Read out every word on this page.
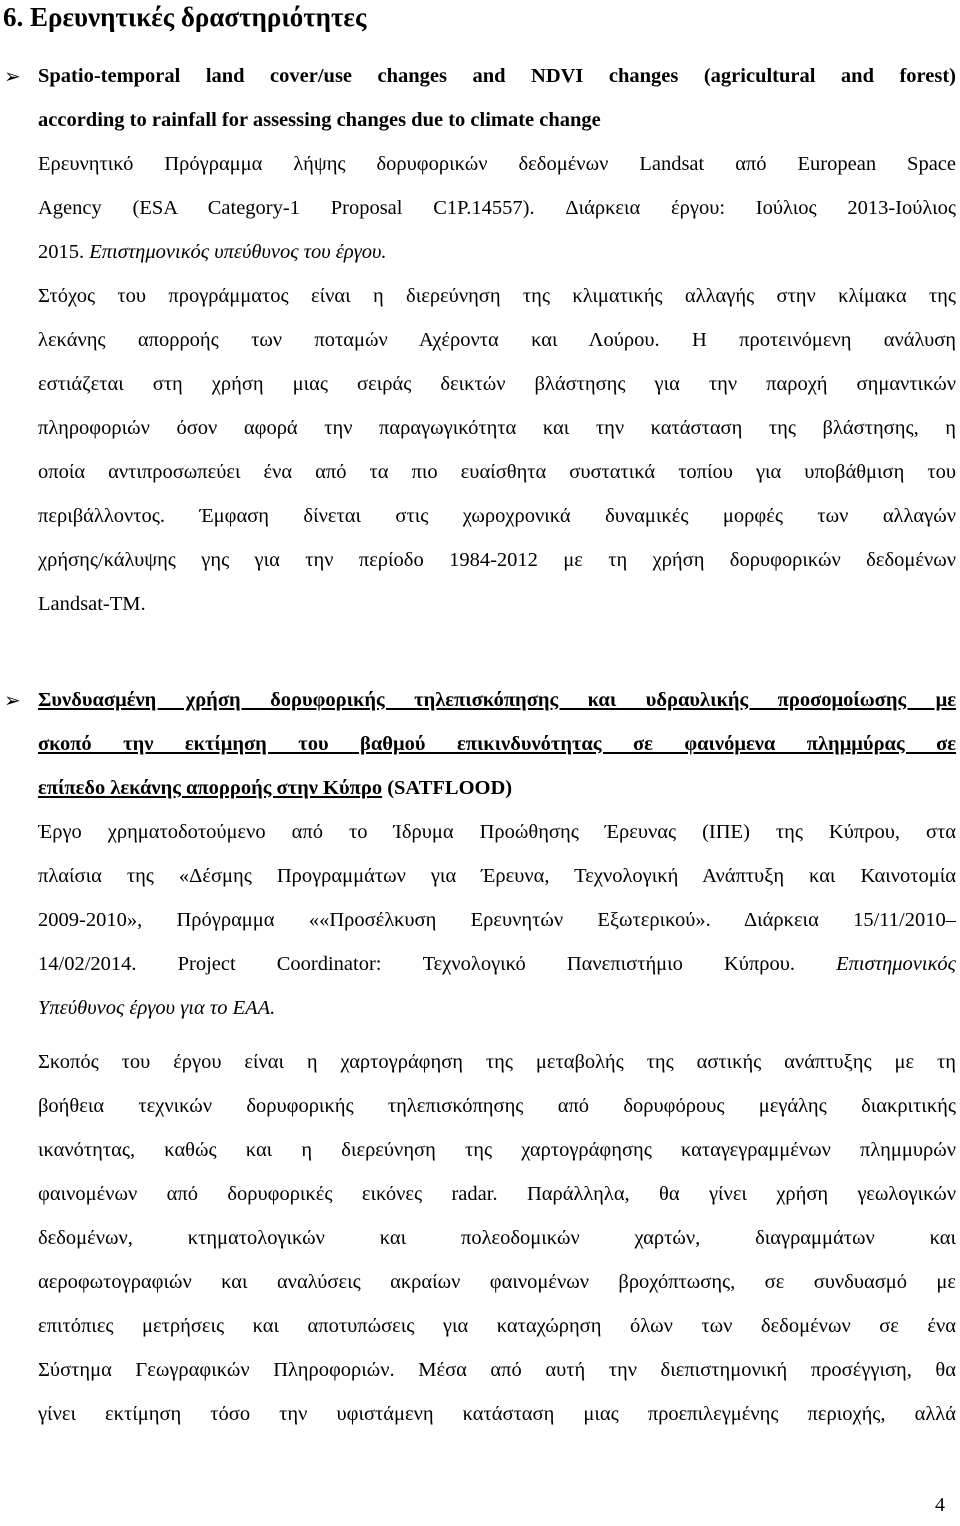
6. Ερευνητικές δραστηριότητες
➢ Spatio-temporal land cover/use changes and NDVI changes (agricultural and forest)
according to rainfall for assessing changes due to climate change
Ερευνητικό Πρόγραμμα λήψης δορυφορικών δεδομένων Landsat από European Space
Agency (ESA Category-1 Proposal C1P.14557). Διάρκεια έργου: Ιούλιος 2013-Ιούλιος
2015. Επιστημονικός υπεύθυνος του έργου.
Στόχος του προγράμματος είναι η διερεύνηση της κλιματικής αλλαγής στην κλίμακα της
λεκάνης απορροής των ποταμών Αχέροντα και Λούρου. Η προτεινόμενη ανάλυση
εστιάζεται στη χρήση μιας σειράς δεικτών βλάστησης για την παροχή σημαντικών
πληροφοριών όσον αφορά την παραγωγικότητα και την κατάσταση της βλάστησης, η
οποία αντιπροσωπεύει ένα από τα πιο ευαίσθητα συστατικά τοπίου για υποβάθμιση του
περιβάλλοντος. Έμφαση δίνεται στις χωροχρονικά δυναμικές μορφές των αλλαγών
χρήσης/κάλυψης γης για την περίοδο 1984-2012 με τη χρήση δορυφορικών δεδομένων
Landsat-TM.
➢ Συνδυασμένη χρήση δορυφορικής τηλεπισκόπησης και υδραυλικής προσομοίωσης με
σκοπό την εκτίμηση του βαθμού επικινδυνότητας σε φαινόμενα πλημμύρας σε
επίπεδο λεκάνης απορροής στην Κύπρο (SATFLOOD)
Έργο χρηματοδοτούμενο από το Ίδρυμα Προώθησης Έρευνας (ΙΠΕ) της Κύπρου, στα
πλαίσια της «Δέσμης Προγραμμάτων για Έρευνα, Τεχνολογική Ανάπτυξη και Καινοτομία
2009-2010», Πρόγραμμα ««Προσέλκυση Ερευνητών Εξωτερικού». Διάρκεια 15/11/2010–
14/02/2014. Project Coordinator: Τεχνολογικό Πανεπιστήμιο Κύπρου. Επιστημονικός
Υπεύθυνος έργου για το ΕΑΑ.
Σκοπός του έργου είναι η χαρτογράφηση της μεταβολής της αστικής ανάπτυξης με τη
βοήθεια τεχνικών δορυφορικής τηλεπισκόπησης από δορυφόρους μεγάλης διακριτικής
ικανότητας, καθώς και η διερεύνηση της χαρτογράφησης καταγεγραμμένων πλημμυρών
φαινομένων από δορυφορικές εικόνες radar. Παράλληλα, θα γίνει χρήση γεωλογικών
δεδομένων, κτηματολογικών και πολεοδομικών χαρτών, διαγραμμάτων και
αεροφωτογραφιών και αναλύσεις ακραίων φαινομένων βροχόπτωσης, σε συνδυασμό με
επιτόπιες μετρήσεις και αποτυπώσεις για καταχώρηση όλων των δεδομένων σε ένα
Σύστημα Γεωγραφικών Πληροφοριών. Μέσα από αυτή την διεπιστημονική προσέγγιση, θα
γίνει εκτίμηση τόσο την υφιστάμενη κατάσταση μιας προεπιλεγμένης περιοχής, αλλά
4
